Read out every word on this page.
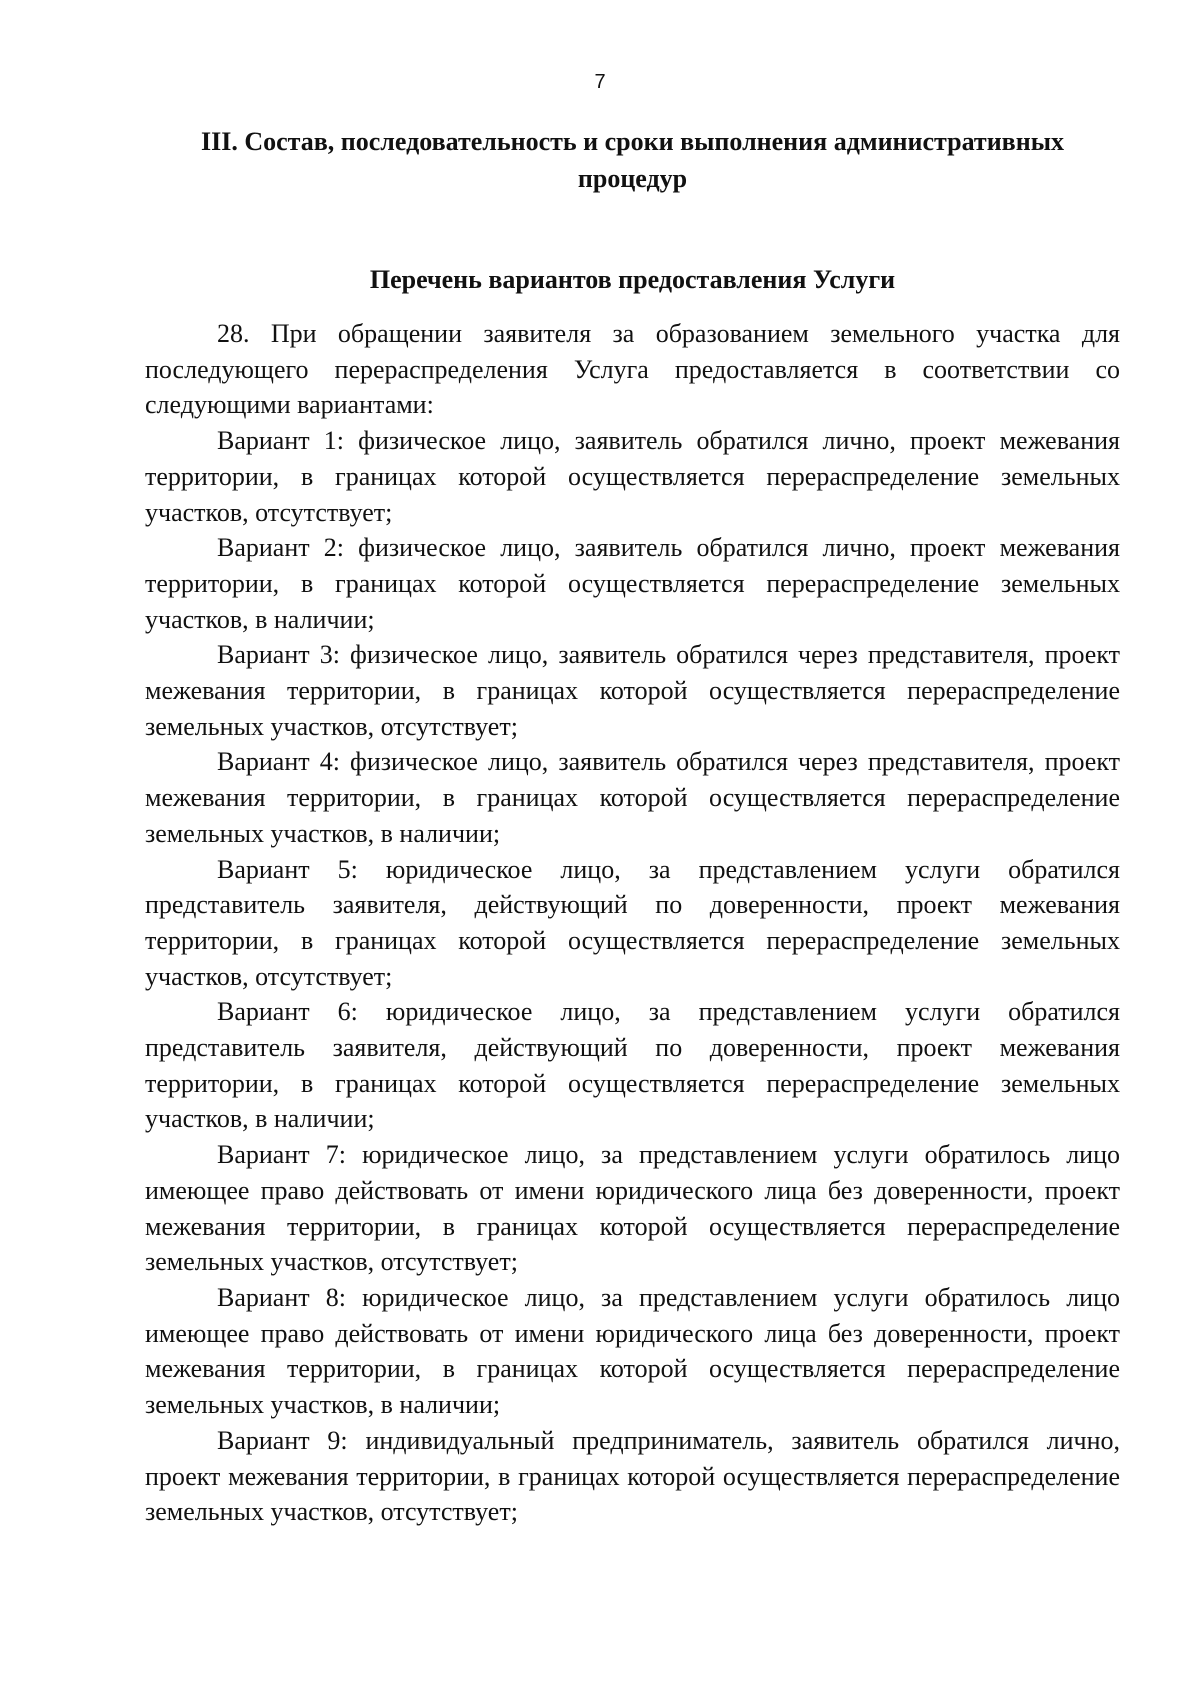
7
III. Состав, последовательность и сроки выполнения административных процедур
Перечень вариантов предоставления Услуги

28. При обращении заявителя за образованием земельного участка для последующего перераспределения Услуга предоставляется в соответствии со следующими вариантами:

Вариант 1: физическое лицо, заявитель обратился лично, проект межевания территории, в границах которой осуществляется перераспределение земельных участков, отсутствует;

Вариант 2: физическое лицо, заявитель обратился лично, проект межевания территории, в границах которой осуществляется перераспределение земельных участков, в наличии;

Вариант 3: физическое лицо, заявитель обратился через представителя, проект межевания территории, в границах которой осуществляется перераспределение земельных участков, отсутствует;

Вариант 4: физическое лицо, заявитель обратился через представителя, проект межевания территории, в границах которой осуществляется перераспределение земельных участков, в наличии;

Вариант 5: юридическое лицо, за представлением услуги обратился представитель заявителя, действующий по доверенности, проект межевания территории, в границах которой осуществляется перераспределение земельных участков, отсутствует;

Вариант 6: юридическое лицо, за представлением услуги обратился представитель заявителя, действующий по доверенности, проект межевания территории, в границах которой осуществляется перераспределение земельных участков, в наличии;

Вариант 7: юридическое лицо, за представлением услуги обратилось лицо имеющее право действовать от имени юридического лица без доверенности, проект межевания территории, в границах которой осуществляется перераспределение земельных участков, отсутствует;

Вариант 8: юридическое лицо, за представлением услуги обратилось лицо имеющее право действовать от имени юридического лица без доверенности, проект межевания территории, в границах которой осуществляется перераспределение земельных участков, в наличии;

Вариант 9: индивидуальный предприниматель, заявитель обратился лично, проект межевания территории, в границах которой осуществляется перераспределение земельных участков, отсутствует;
